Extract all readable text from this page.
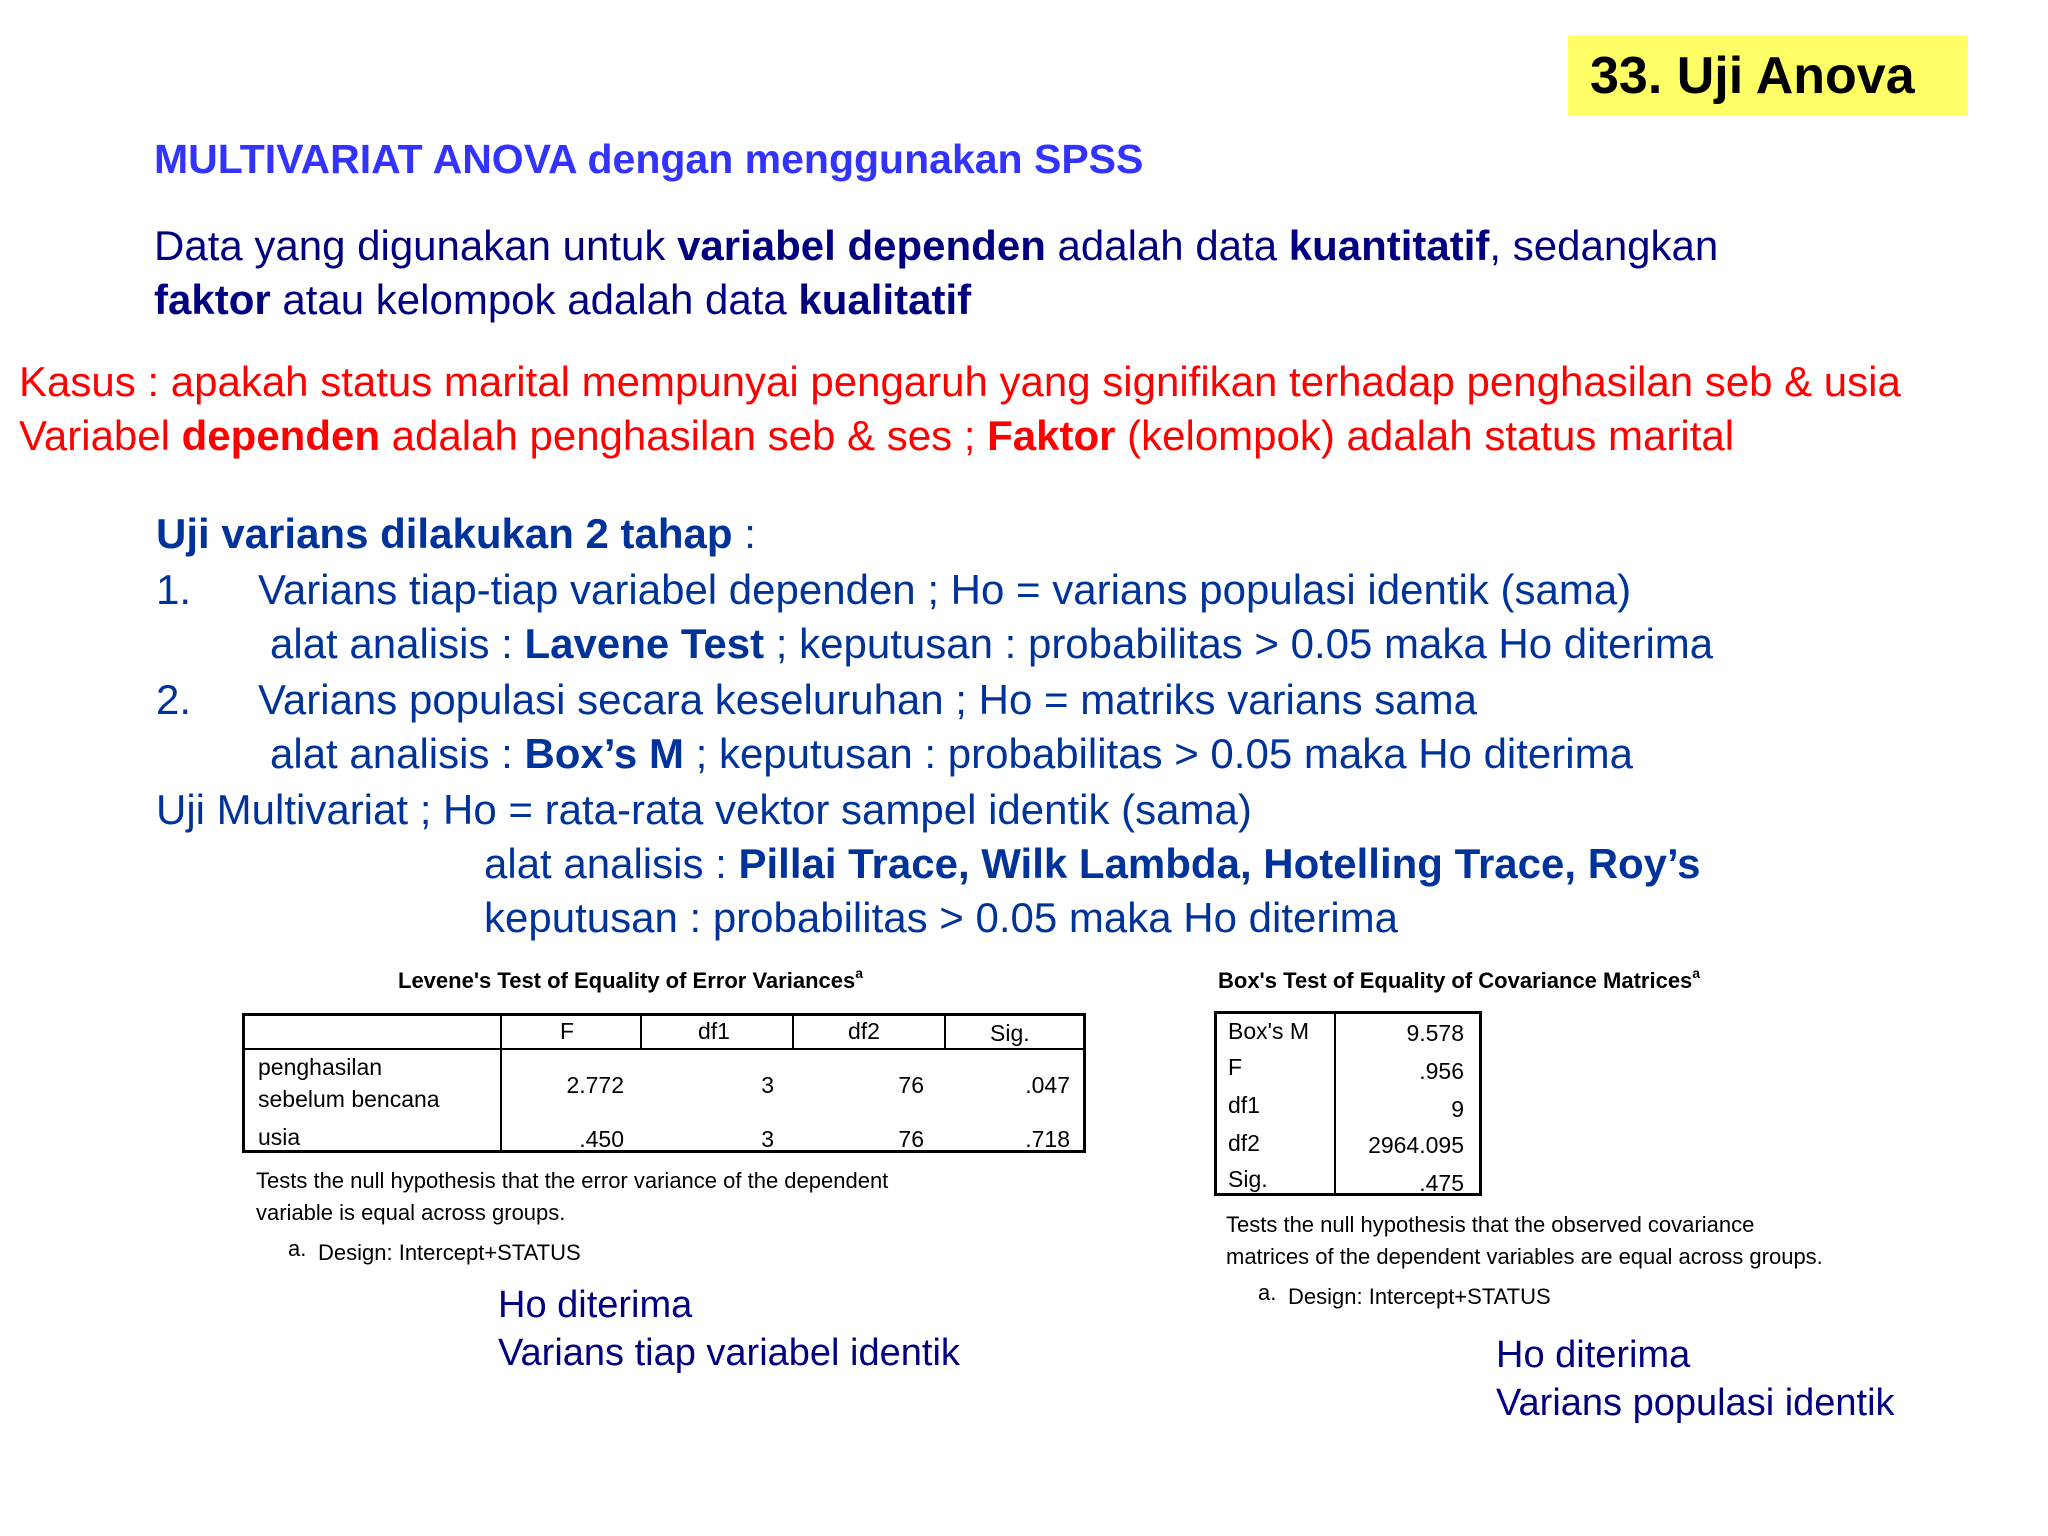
33. Uji Anova
MULTIVARIAT ANOVA dengan menggunakan SPSS
Data yang digunakan untuk variabel dependen adalah data kuantitatif, sedangkan
faktor atau kelompok adalah data kualitatif
Kasus : apakah status marital mempunyai pengaruh yang signifikan terhadap penghasilan seb & usia
Variabel dependen adalah penghasilan seb & ses ; Faktor (kelompok) adalah status marital
Uji varians dilakukan 2 tahap :
1. Varians tiap-tiap variabel dependen ; Ho = varians populasi identik (sama)
alat analisis : Lavene Test ; keputusan : probabilitas > 0.05 maka Ho diterima
2. Varians populasi secara keseluruhan ; Ho = matriks varians sama
alat analisis : Box’s M ; keputusan : probabilitas > 0.05 maka Ho diterima
Uji Multivariat ; Ho = rata-rata vektor sampel identik (sama)
alat analisis : Pillai Trace, Wilk Lambda, Hotelling Trace, Roy’s
keputusan : probabilitas > 0.05 maka Ho diterima
Levene's Test of Equality of Error Variances$^a$
F	df1	df2	Sig.
penghasilan
sebelum bencana
2.772	3	76	.047
usia	.450	3	76	.718
Tests the null hypothesis that the error variance of the dependent
variable is equal across groups.
a. Design: Intercept+STATUS
Box's Test of Equality of Covariance Matrices$^a$
Box's M	9.578
F	.956
df1	9
df2	2964.095
Sig.	.475
Tests the null hypothesis that the observed covariance
matrices of the dependent variables are equal across groups.
a. Design: Intercept+STATUS
Ho diterima
Varians tiap variabel identik	Ho diterima
Varians populasi identik
